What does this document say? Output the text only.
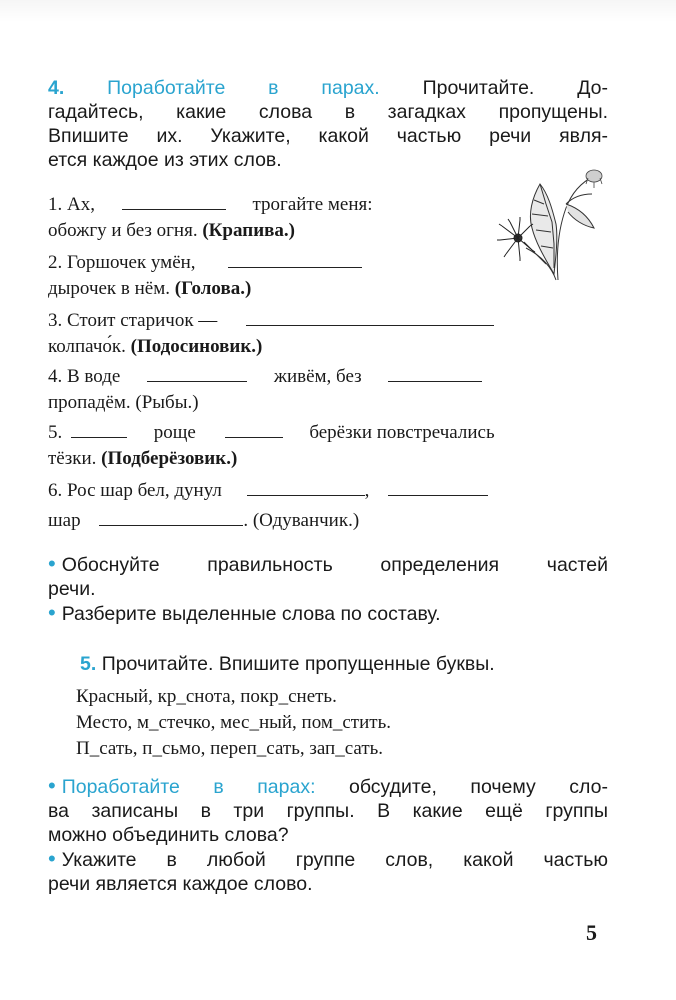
4. Поработайте в парах. Прочитайте. До-
гадайтесь, какие слова в загадках пропущены.
Впишите их. Укажите, какой частью речи явля-
ется каждое из этих слов.
1. Ах,	трогайте меня:
обожгу и без огня. (Крапива.)
2. Горшочек умён,
дырочек в нём. (Голова.)
3. Стоит старичок —
колпачо́к. (Подосиновик.)
4. В воде	живём, без
пропадём. (Рыбы.)
5.	роще	берёзки повстречались
тёзки. (Подберёзовик.)
6. Рос шар бел, дунул	,
шар	. (Одуванчик.)
• Обоснуйте правильность определения частей
речи.
• Разберите выделенные слова по составу.
5. Прочитайте. Впишите пропущенные буквы.
Красный, кр_снота, покр_снеть.
Место, м_стечко, мес_ный, пом_стить.
П_сать, п_сьмо, переп_сать, зап_сать.
• Поработайте в парах: обсудите, почему сло-
ва записаны в три группы. В какие ещё группы
можно объединить слова?
• Укажите в любой группе слов, какой частью
речи является каждое слово.
5
